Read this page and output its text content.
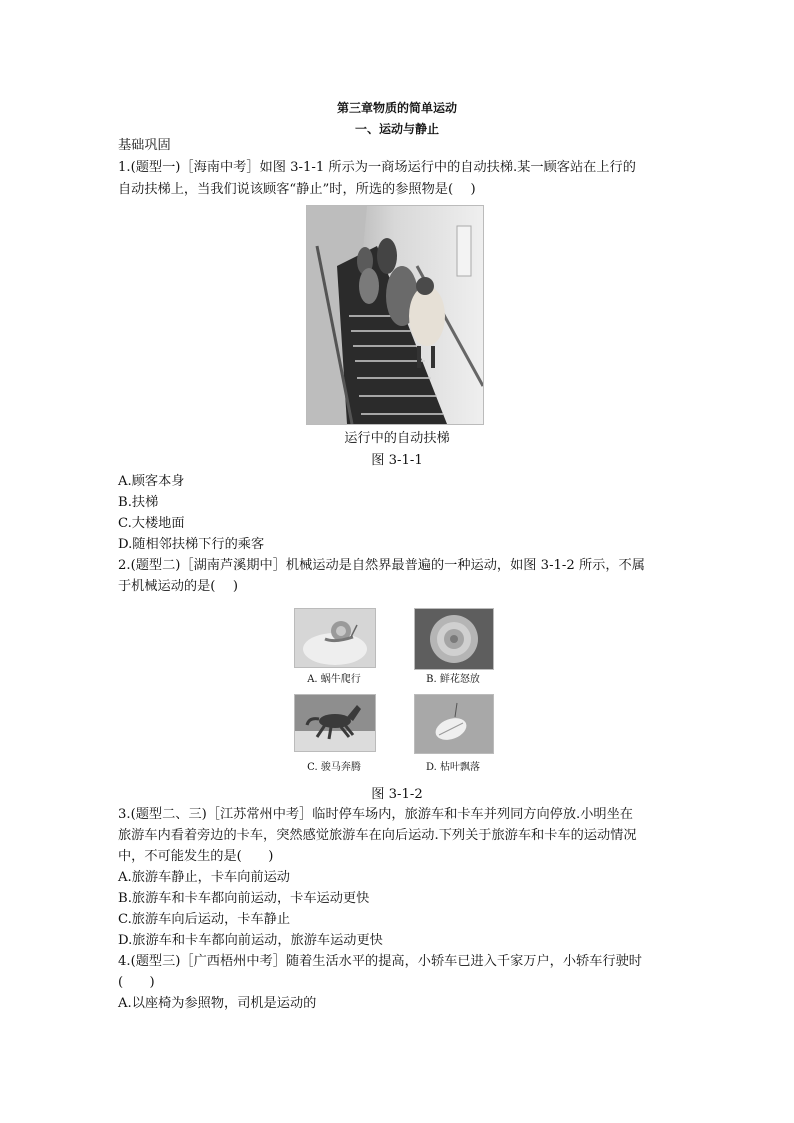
第三章物质的简单运动
一、运动与静止
基础巩固
1.(题型一)［海南中考］如图 3-1-1 所示为一商场运行中的自动扶梯.某一顾客站在上行的
自动扶梯上，当我们说该顾客“静止”时，所选的参照物是(　 )
运行中的自动扶梯
图 3-1-1
A.顾客本身
B.扶梯
C.大楼地面
D.随相邻扶梯下行的乘客
2.(题型二)［湖南芦溪期中］机械运动是自然界最普遍的一种运动，如图 3-1-2 所示，不属
于机械运动的是(　 )
A. 蜗牛爬行	B. 鲜花怒放
C. 骏马奔腾	D. 枯叶飘落
图 3-1-2
3.(题型二、三)［江苏常州中考］临时停车场内，旅游车和卡车并列同方向停放.小明坐在
旅游车内看着旁边的卡车，突然感觉旅游车在向后运动.下列关于旅游车和卡车的运动情况
中，不可能发生的是(　　)
A.旅游车静止，卡车向前运动
B.旅游车和卡车都向前运动，卡车运动更快
C.旅游车向后运动，卡车静止
D.旅游车和卡车都向前运动，旅游车运动更快
4.(题型三)［广西梧州中考］随着生活水平的提高，小轿车已进入千家万户，小轿车行驶时
(　　)
A.以座椅为参照物，司机是运动的
